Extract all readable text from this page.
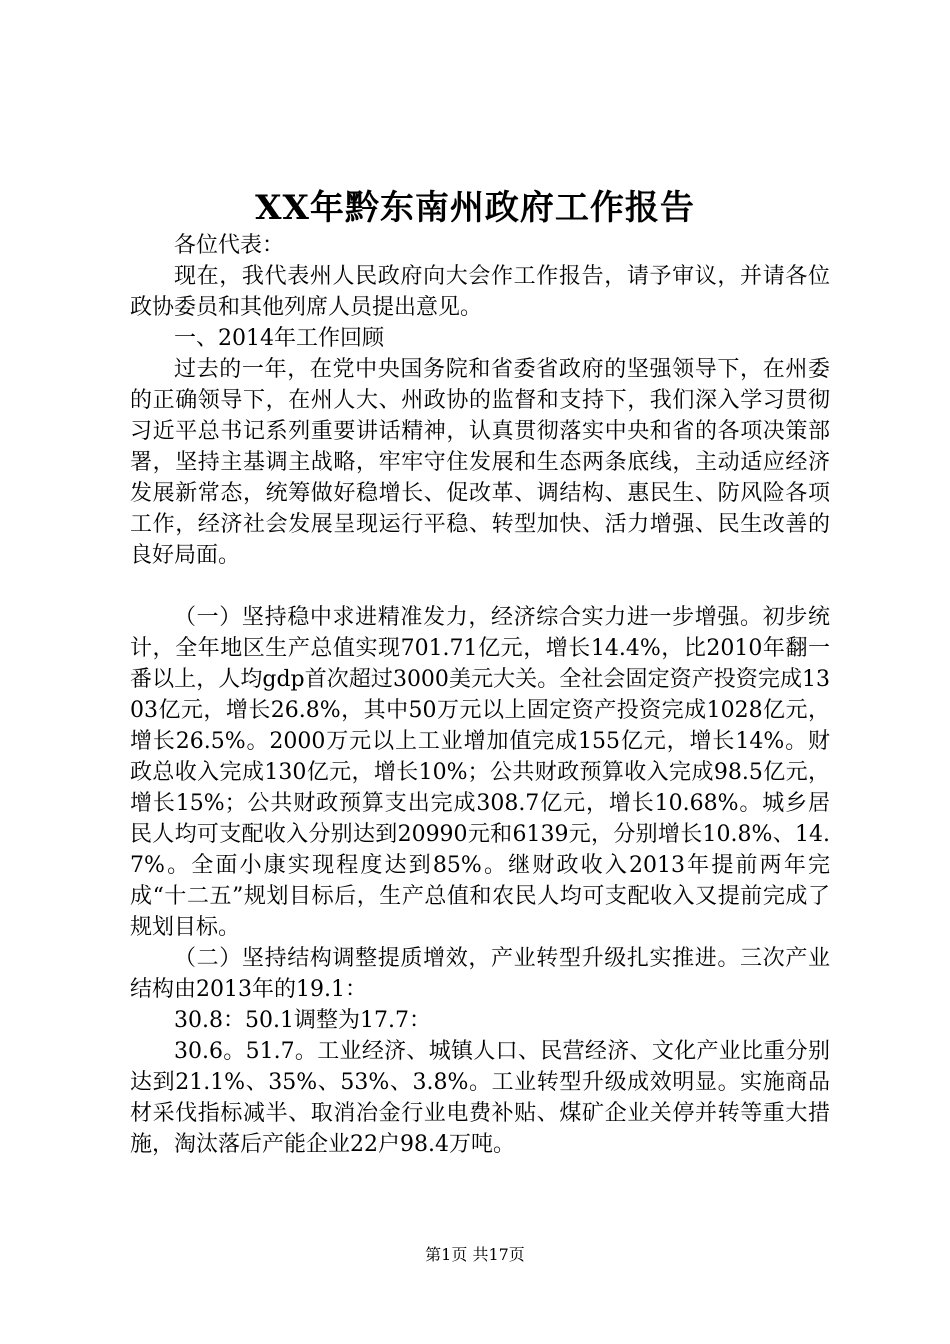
XX年黔东南州政府工作报告

各位代表：

现在，我代表州人民政府向大会作工作报告，请予审议，并请各位政协委员和其他列席人员提出意见。

一、2014年工作回顾

过去的一年，在党中央国务院和省委省政府的坚强领导下，在州委的正确领导下，在州人大、州政协的监督和支持下，我们深入学习贯彻习近平总书记系列重要讲话精神，认真贯彻落实中央和省的各项决策部署，坚持主基调主战略，牢牢守住发展和生态两条底线，主动适应经济发展新常态，统筹做好稳增长、促改革、调结构、惠民生、防风险各项工作，经济社会发展呈现运行平稳、转型加快、活力增强、民生改善的良好局面。

（一）坚持稳中求进精准发力，经济综合实力进一步增强。初步统计，全年地区生产总值实现701.71亿元，增长14.4%，比2010年翻一番以上，人均gdp首次超过3000美元大关。全社会固定资产投资完成1303亿元，增长26.8%，其中50万元以上固定资产投资完成1028亿元，增长26.5%。2000万元以上工业增加值完成155亿元，增长14%。财政总收入完成130亿元，增长10%；公共财政预算收入完成98.5亿元，增长15%；公共财政预算支出完成308.7亿元，增长10.68%。城乡居民人均可支配收入分别达到20990元和6139元，分别增长10.8%、14.7%。全面小康实现程度达到85%。继财政收入2013年提前两年完成“十二五”规划目标后，生产总值和农民人均可支配收入又提前完成了规划目标。

（二）坚持结构调整提质增效，产业转型升级扎实推进。三次产业结构由2013年的19.1：

30.8：50.1调整为17.7：

30.6。51.7。工业经济、城镇人口、民营经济、文化产业比重分别达到21.1%、35%、53%、3.8%。工业转型升级成效明显。实施商品材采伐指标减半、取消冶金行业电费补贴、煤矿企业关停并转等重大措施，淘汰落后产能企业22户98.4万吨。

第1页 共17页
